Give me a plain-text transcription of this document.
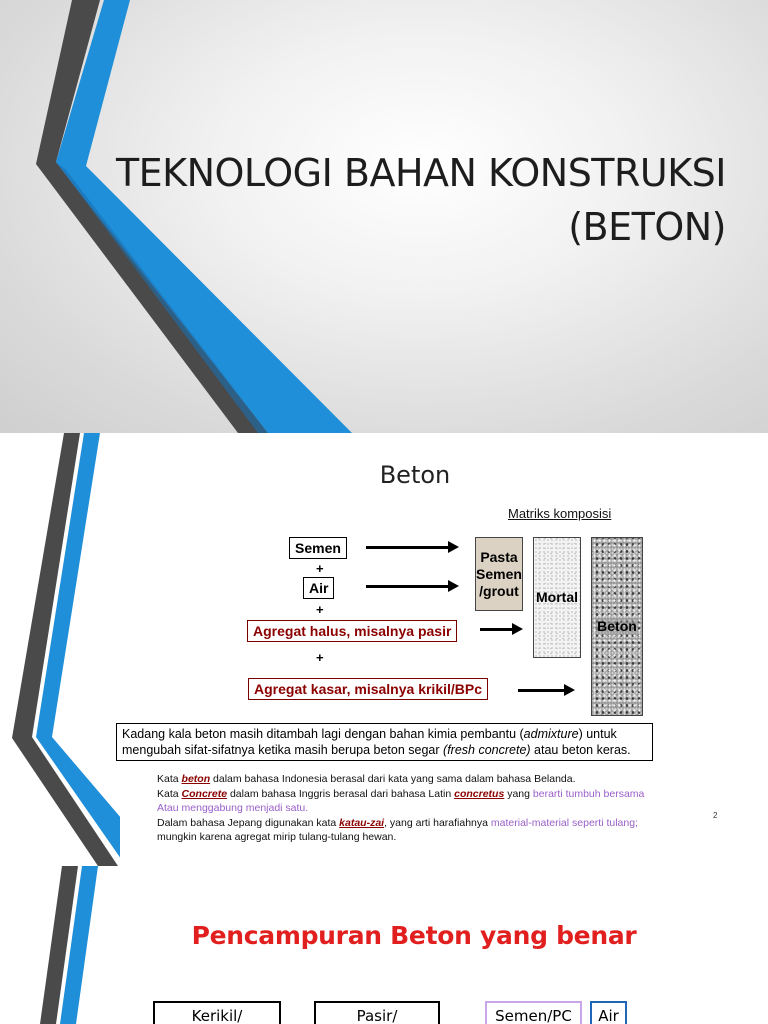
TEKNOLOGI BAHAN KONSTRUKSI
(BETON)
Beton
Matriks komposisi
Semen
+
Air
+
Agregat halus, misalnya pasir
+
Agregat kasar, misalnya krikil/BPc
Pasta
Semen
/grout Mortal
Beton
Kadang kala beton masih ditambah lagi dengan bahan kimia pembantu (admixture) untuk mengubah sifat-sifatnya ketika masih berupa beton segar (fresh concrete) atau beton keras.
Kata beton dalam bahasa Indonesia berasal dari kata yang sama dalam bahasa Belanda.
Kata Concrete dalam bahasa Inggris berasal dari bahasa Latin concretus yang berarti tumbuh bersama
Atau menggabung menjadi satu.
Dalam bahasa Jepang digunakan kata katau-zai, yang arti harafiahnya material-material seperti tulang;
mungkin karena agregat mirip tulang-tulang hewan.
2
Pencampuran Beton yang benar
Kerikil/	Pasir/	Semen/PC	Air
